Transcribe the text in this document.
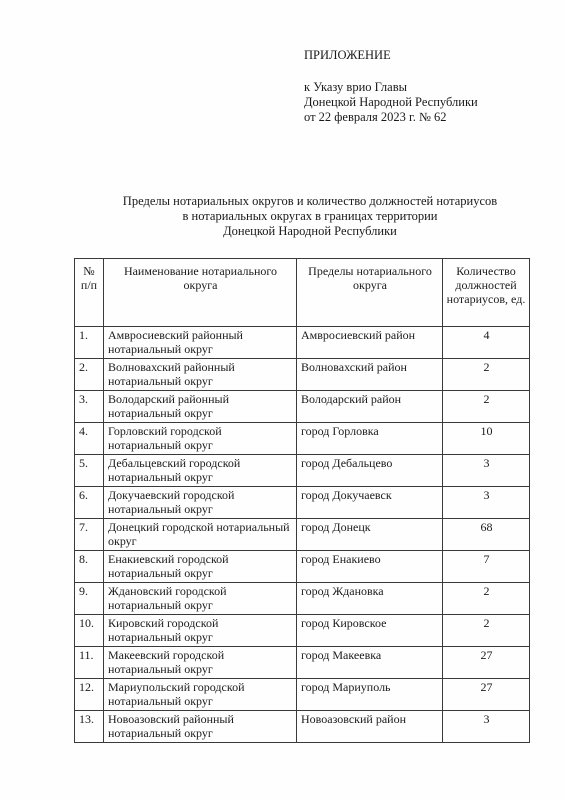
ПРИЛОЖЕНИЕ
к Указу врио Главы
Донецкой Народной Республики
от 22 февраля 2023 г. № 62
Пределы нотариальных округов и количество должностей нотариусов
в нотариальных округах в границах территории
Донецкой Народной Республики
№ п/п	Наименование нотариального округа	Пределы нотариального округа	Количество должностей нотариусов, ед.
1.	Амвросиевский районный нотариальный округ	Амвросиевский район	4
2.	Волновахский районный нотариальный округ	Волновахский район	2
3.	Володарский районный нотариальный округ	Володарский район	2
4.	Горловский городской нотариальный округ	город Горловка	10
5.	Дебальцевский городской нотариальный округ	город Дебальцево	3
6.	Докучаевский городской нотариальный округ	город Докучаевск	3
7.	Донецкий городской нотариальный округ	город Донецк	68
8.	Енакиевский городской нотариальный округ	город Енакиево	7
9.	Ждановский городской нотариальный округ	город Ждановка	2
10.	Кировский городской нотариальный округ	город Кировское	2
11.	Макеевский городской нотариальный округ	город Макеевка	27
12.	Мариупольский городской нотариальный округ	город Мариуполь	27
13.	Новоазовский районный нотариальный округ	Новоазовский район	3
